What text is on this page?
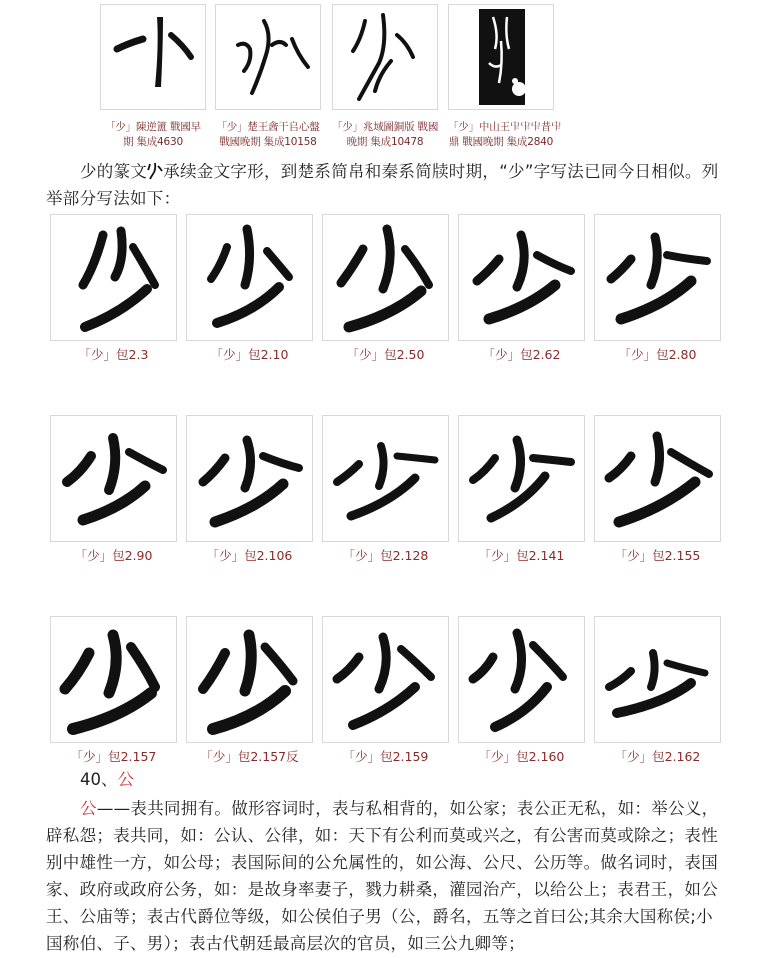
「少」陳逆簠 戰國早
期 集成4630
「少」楚王酓干𠂤心盤
戰國晚期 集成10158
「少」兆域圖銅版 戰國
晚期 集成10478
「少」中山王𠁦𠁦𠁦昔𠁦
鼎 戰國晚期 集成2840
少的篆文 承续金文字形，到楚系简帛和秦系简牍时期，“少”字写法已同今日相似。列举部分写法如下：
「少」包2.3	「少」包2.10	「少」包2.50	「少」包2.62	「少」包2.80
「少」包2.90	「少」包2.106	「少」包2.128	「少」包2.141	「少」包2.155
「少」包2.157	「少」包2.157反	「少」包2.159	「少」包2.160	「少」包2.162
40、公
公——表共同拥有。做形容词时，表与私相背的，如公家；表公正无私，如：举公义，辟私怨；表共同，如：公认、公律，如：天下有公利而莫或兴之，有公害而莫或除之；表性别中雄性一方，如公母；表国际间的公允属性的，如公海、公尺、公历等。做名词时，表国家、政府或政府公务，如：是故身率妻子，戮力耕桑，灌园治产，以给公上；表君王，如公王、公庙等；表古代爵位等级，如公侯伯子男（公，爵名，五等之首曰公;其余大国称侯;小国称伯、子、男）；表古代朝廷最高层次的官员，如三公九卿等；
